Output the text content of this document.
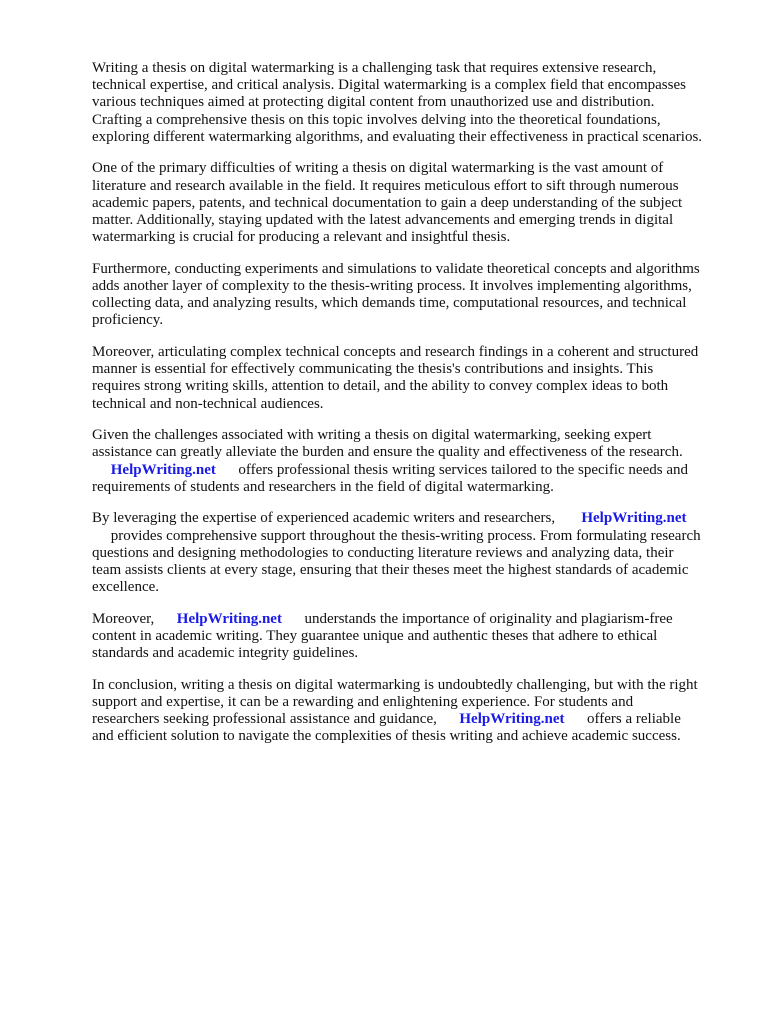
Writing a thesis on digital watermarking is a challenging task that requires extensive research,
technical expertise, and critical analysis. Digital watermarking is a complex field that encompasses
various techniques aimed at protecting digital content from unauthorized use and distribution.
Crafting a comprehensive thesis on this topic involves delving into the theoretical foundations,
exploring different watermarking algorithms, and evaluating their effectiveness in practical scenarios.

One of the primary difficulties of writing a thesis on digital watermarking is the vast amount of
literature and research available in the field. It requires meticulous effort to sift through numerous
academic papers, patents, and technical documentation to gain a deep understanding of the subject
matter. Additionally, staying updated with the latest advancements and emerging trends in digital
watermarking is crucial for producing a relevant and insightful thesis.

Furthermore, conducting experiments and simulations to validate theoretical concepts and algorithms
adds another layer of complexity to the thesis-writing process. It involves implementing algorithms,
collecting data, and analyzing results, which demands time, computational resources, and technical
proficiency.

Moreover, articulating complex technical concepts and research findings in a coherent and structured
manner is essential for effectively communicating the thesis's contributions and insights. This
requires strong writing skills, attention to detail, and the ability to convey complex ideas to both
technical and non-technical audiences.

Given the challenges associated with writing a thesis on digital watermarking, seeking expert
assistance can greatly alleviate the burden and ensure the quality and effectiveness of the research.
HelpWriting.net      offers professional thesis writing services tailored to the specific needs and
requirements of students and researchers in the field of digital watermarking.

By leveraging the expertise of experienced academic writers and researchers,       HelpWriting.net
provides comprehensive support throughout the thesis-writing process. From formulating research
questions and designing methodologies to conducting literature reviews and analyzing data, their
team assists clients at every stage, ensuring that their theses meet the highest standards of academic
excellence.

Moreover,      HelpWriting.net      understands the importance of originality and plagiarism-free
content in academic writing. They guarantee unique and authentic theses that adhere to ethical
standards and academic integrity guidelines.

In conclusion, writing a thesis on digital watermarking is undoubtedly challenging, but with the right
support and expertise, it can be a rewarding and enlightening experience. For students and
researchers seeking professional assistance and guidance,      HelpWriting.net      offers a reliable
and efficient solution to navigate the complexities of thesis writing and achieve academic success.
